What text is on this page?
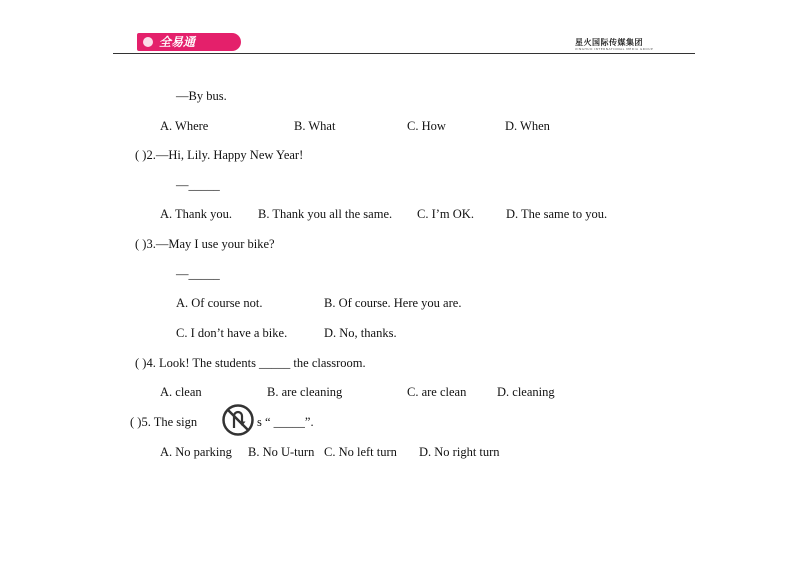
全易通	星火国际传媒集团
XINGHUO INTERNATIONAL MEDIA GROUP
—By bus.
A. Where	B. What	C. How	D. When
( )2.—Hi, Lily. Happy New Year!
—_____
A. Thank you. B. Thank you all the same. C. I’m OK.	D. The same to you.
( )3.—May I use your bike?
—_____
A. Of course not.	B. Of course. Here you are.
C. I don’t have a bike.	D. No, thanks.
( )4. Look! The students _____ the classroom.
A. clean	B. are cleaning	C. are clean D. cleaning
( )5. The sign	s “ _____”.
A. No parking B. No U-turn C. No left turn D. No right turn
